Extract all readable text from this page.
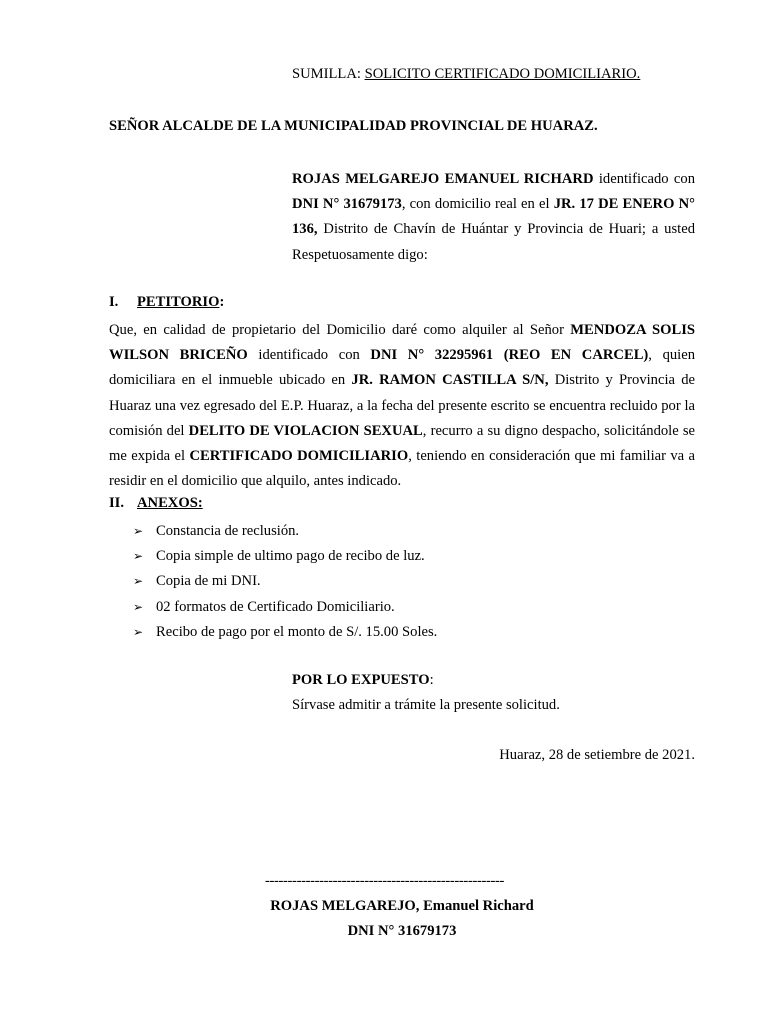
SUMILLA: SOLICITO CERTIFICADO DOMICILIARIO.
SEÑOR ALCALDE DE LA MUNICIPALIDAD PROVINCIAL DE HUARAZ.
ROJAS MELGAREJO EMANUEL RICHARD identificado con DNI N° 31679173, con domicilio real en el JR. 17 DE ENERO N° 136, Distrito de Chavín de Huántar y Provincia de Huari; a usted Respetuosamente digo:
I. PETITORIO:
Que, en calidad de propietario del Domicilio daré como alquiler al Señor MENDOZA SOLIS WILSON BRICEÑO identificado con DNI N° 32295961 (REO EN CARCEL), quien domiciliara en el inmueble ubicado en JR. RAMON CASTILLA S/N, Distrito y Provincia de Huaraz una vez egresado del E.P. Huaraz, a la fecha del presente escrito se encuentra recluido por la comisión del DELITO DE VIOLACION SEXUAL, recurro a su digno despacho, solicitándole se me expida el CERTIFICADO DOMICILIARIO, teniendo en consideración que mi familiar va a residir en el domicilio que alquilo, antes indicado.
II. ANEXOS:
➢ Constancia de reclusión.
➢ Copia simple de ultimo pago de recibo de luz.
➢ Copia de mi DNI.
➢ 02 formatos de Certificado Domiciliario.
➢ Recibo de pago por el monto de S/. 15.00 Soles.
POR LO EXPUESTO:
Sírvase admitir a trámite la presente solicitud.
Huaraz, 28 de setiembre de 2021.
-----------------------------------------------------
ROJAS MELGAREJO, Emanuel Richard
DNI N° 31679173
